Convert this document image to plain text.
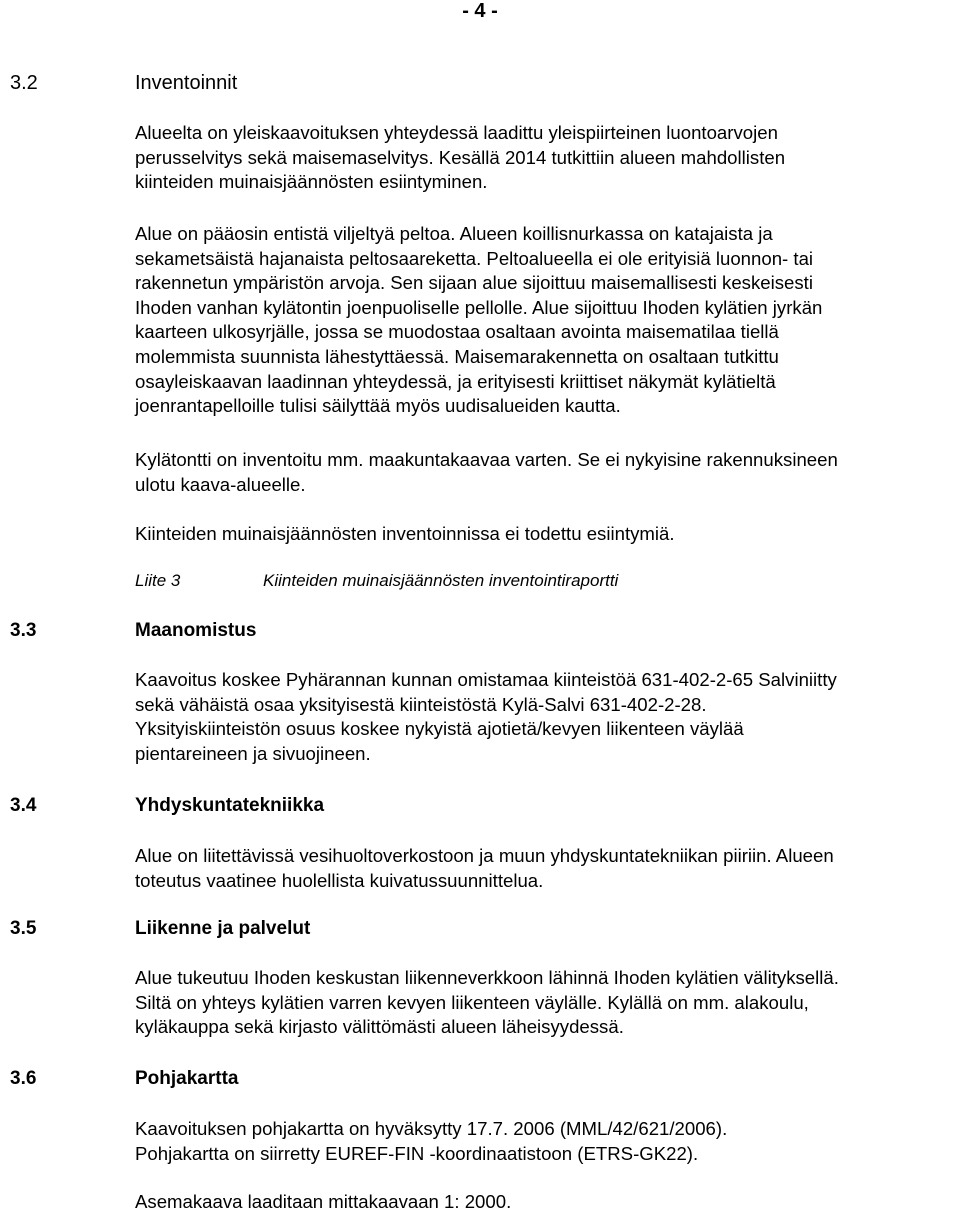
- 4 -
3.2	Inventoinnit
Alueelta on yleiskaavoituksen yhteydessä laadittu yleispiirteinen luontoarvojen
perusselvitys sekä maisemaselvitys. Kesällä 2014 tutkittiin alueen mahdollisten
kiinteiden muinaisjäännösten esiintyminen.
Alue on pääosin entistä viljeltyä peltoa. Alueen koillisnurkassa on katajaista ja
sekametsäistä hajanaista peltosaareketta. Peltoalueella ei ole erityisiä luonnon- tai
rakennetun ympäristön arvoja. Sen sijaan alue sijoittuu maisemallisesti keskeisesti
Ihoden vanhan kylätontin joenpuoliselle pellolle. Alue sijoittuu Ihoden kylätien jyrkän
kaarteen ulkosyrjälle, jossa se muodostaa osaltaan avointa maisematilaa tiellä
molemmista suunnista lähestyttäessä. Maisemarakennetta on osaltaan tutkittu
osayleiskaavan laadinnan yhteydessä, ja erityisesti kriittiset näkymät kylätieltä
joenrantapelloille tulisi säilyttää myös uudisalueiden kautta.
Kylätontti on inventoitu mm. maakuntakaavaa varten. Se ei nykyisine rakennuksineen
ulotu kaava-alueelle.
Kiinteiden muinaisjäännösten inventoinnissa ei todettu esiintymiä.
Liite 3	Kiinteiden muinaisjäännösten inventointiraportti
3.3	Maanomistus
Kaavoitus koskee Pyhärannan kunnan omistamaa kiinteistöä 631-402-2-65 Salviniitty
sekä vähäistä osaa yksityisestä kiinteistöstä Kylä-Salvi 631-402-2-28.
Yksityiskiinteistön osuus koskee nykyistä ajotietä/kevyen liikenteen väylää
pientareineen ja sivuojineen.
3.4	Yhdyskuntatekniikka
Alue on liitettävissä vesihuoltoverkostoon ja muun yhdyskuntatekniikan piiriin. Alueen
toteutus vaatinee huolellista kuivatussuunnittelua.
3.5	Liikenne ja palvelut
Alue tukeutuu Ihoden keskustan liikenneverkkoon lähinnä Ihoden kylätien välityksellä.
Siltä on yhteys kylätien varren kevyen liikenteen väylälle. Kylällä on mm. alakoulu,
kyläkauppa sekä kirjasto välittömästi alueen läheisyydessä.
3.6	Pohjakartta
Kaavoituksen pohjakartta on hyväksytty 17.7. 2006 (MML/42/621/2006).
Pohjakartta on siirretty EUREF-FIN -koordinaatistoon (ETRS-GK22).
Asemakaava laaditaan mittakaavaan 1: 2000.
